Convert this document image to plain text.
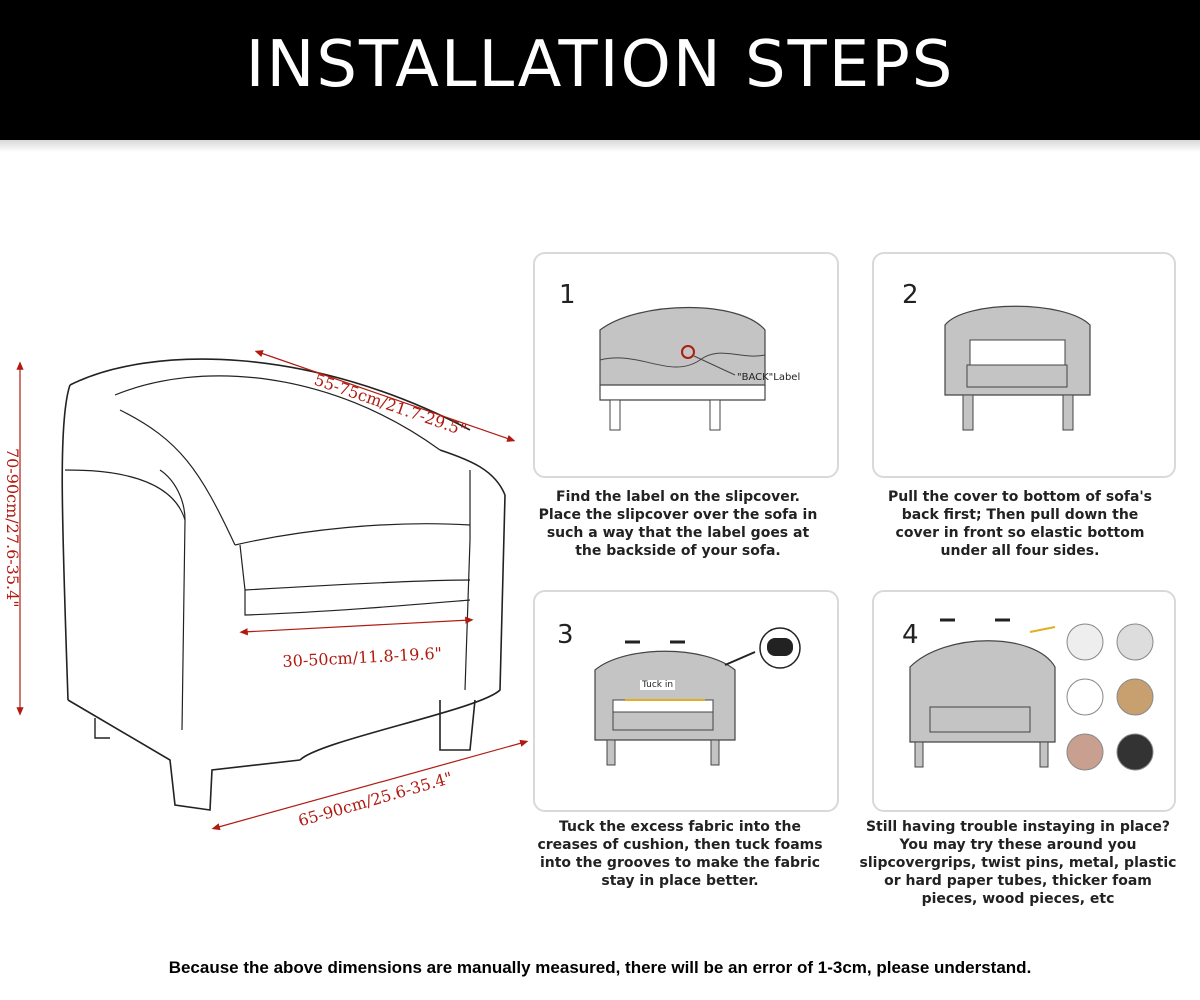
INSTALLATION STEPS
55-75cm/21.7-29.5"
70-90cm/27.6-35.4"
30-50cm/11.8-19.6"
65-90cm/25.6-35.4"
1
"BACK"Label
2
Find the label on the slipcover. Place the slipcover over the sofa in such a way that the label goes at the backside of your sofa.
Pull the cover to bottom of sofa's back first; Then pull down the cover in front so elastic bottom under all four sides.
3
Tuck in
4
Tuck the excess fabric into the creases of cushion, then tuck foams into the grooves to make the fabric stay in place better.
Still having trouble instaying in place? You may try these around you slipcovergrips, twist pins, metal, plastic or hard paper tubes, thicker foam pieces, wood pieces, etc
Because the above dimensions are manually measured, there will be an error of 1-3cm, please understand.
